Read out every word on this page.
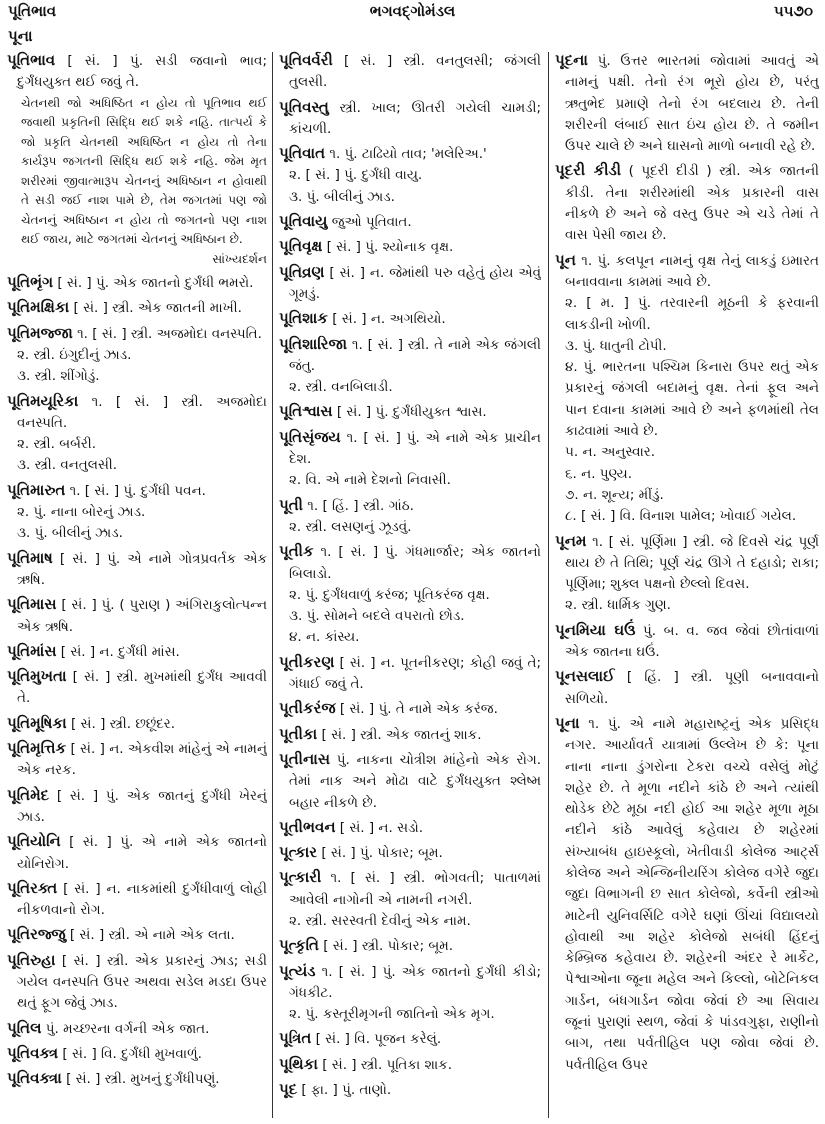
પૂતિભાવ
પૂના
ભગવદ્ગોમંડલ	૫૫૭૦
પૂતિભાવ [ સં. ] પું. સડી જવાનો ભાવ; દુર્ગંધયુક્ત થઈ જવું તે.
ચેતનથી જો અધિષ્ઠિત ન હોય તો પૂતિભાવ થઈ જવાથી પ્રકૃતિની સિદ્ધિ થઈ શકે નહિ. તાત્પર્ય કે જો પ્રકૃતિ ચેતનથી અધિષ્ઠિત ન હોય તો તેના કાર્યરૂપ જગતની સિદ્ધિ થઈ શકે નહિ. જેમ મૃત શરીરમાં જીવાત્મારૂપ ચેતનનું અધિષ્ઠાન ન હોવાથી તે સડી જઈ નાશ પામે છે, તેમ જગતમાં પણ જો ચેતનનું અધિષ્ઠાન ન હોય તો જગતનો પણ નાશ થઈ જાય, માટે જગતમાં ચેતનનું અધિષ્ઠાન છે.
સાંખ્યદર્શન
પૂતિભૃંગ [ સં. ] પું. એક જાતનો દુર્ગંધી ભમરો.
પૂતિમક્ષિકા [ સં. ] સ્ત્રી. એક જાતની માખી.
પૂતિમજ્જા ૧. [ સં. ] સ્ત્રી. અજમોદા વનસ્પતિ.
૨. સ્ત્રી. ઇંગુદીનું ઝાડ.
૩. સ્ત્રી. શીંગોડું.
પૂતિમયૂરિકા ૧. [ સં. ] સ્ત્રી. અજમોદા વનસ્પતિ.
૨. સ્ત્રી. બર્બરી.
૩. સ્ત્રી. વનતુલસી.
પૂતિમારુત ૧. [ સં. ] પું. દુર્ગંધી પવન.
૨. પું. નાના બોરનું ઝાડ.
૩. પું. બીલીનું ઝાડ.
પૂતિમાષ [ સં. ] પું. એ નામે ગોત્રપ્રવર્તક એક ઋષિ.
પૂતિમાસ [ સં. ] પું. ( પુરાણ ) અંગિરાકુલોત્પન્ન એક ઋષિ.
પૂતિમાંસ [ સં. ] ન. દુર્ગંધી માંસ.
પૂતિમુખતા [ સં. ] સ્ત્રી. મુખમાંથી દુર્ગંધ આવવી તે.
પૂતિમૂષિકા [ સં. ] સ્ત્રી. છછૂંદર.
પૂતિમૃત્તિક [ સં. ] ન. એકવીશ માંહેનું એ નામનું એક નરક.
પૂતિમેદ [ સં. ] પું. એક જાતનું દુર્ગંધી ખેરનું ઝાડ.
પૂતિયોનિ [ સં. ] પું. એ નામે એક જાતનો યોનિરોગ.
પૂતિરક્ત [ સં. ] ન. નાકમાંથી દુર્ગંધીવાળું લોહી નીકળવાનો રોગ.
પૂતિરજ્જુ [ સં. ] સ્ત્રી. એ નામે એક લતા.
પૂતિરુહા [ સં. ] સ્ત્રી. એક પ્રકારનું ઝાડ; સડી ગયેલ વનસ્પતિ ઉપર અથવા સડેલ મડદા ઉપર થતું ફૂગ જેવું ઝાડ.
પૂતિલ પું. મચ્છરના વર્ગની એક જાત.
પૂતિવક્ત્ર [ સં. ] વિ. દુર્ગંધી મુખવાળું.
પૂતિવક્ત્રા [ સં. ] સ્ત્રી. મુખનું દુર્ગંધીપણું.
પૂતિવર્વરી [ સં. ] સ્ત્રી. વનતુલસી; જંગલી તુલસી.
પૂતિવસ્તુ સ્ત્રી. ખાલ; ઊતરી ગયેલી ચામડી; કાંચળી.
પૂતિવાત ૧. પું. ટાઢિયો તાવ; 'મલેરિઅ.'
૨. [ સં. ] પું. દુર્ગંધી વાયુ.
૩. પું. બીલીનું ઝાડ.
પૂતિવાયુ જુઓ પૂતિવાત.
પૂતિવૃક્ષ [ સં. ] પું. શ્યોનાક વૃક્ષ.
પૂતિવ્રણ [ સં. ] ન. જેમાંથી પરુ વહેતું હોય એવું ગૂમડું.
પૂતિશાક [ સં. ] ન. અગથિયો.
પૂતિશારિજા ૧. [ સં. ] સ્ત્રી. તે નામે એક જંગલી જંતુ.
૨. સ્ત્રી. વનબિલાડી.
પૂતિશ્વાસ [ સં. ] પું. દુર્ગંધીયુક્ત શ્વાસ.
પૂતિસૃંજય ૧. [ સં. ] પું. એ નામે એક પ્રાચીન દેશ.
૨. વિ. એ નામે દેશનો નિવાસી.
પૂતી ૧. [ હિં. ] સ્ત્રી. ગાંઠ.
૨. સ્ત્રી. લસણનું ઝૂડવું.
પૂતીક ૧. [ સં. ] પું. ગંધમાર્જાર; એક જાતનો બિલાડો.
૨. પું. દુર્ગંધવાળું કરંજ; પૂતિકરંજ વૃક્ષ.
૩. પું. સોમને બદલે વપરાતો છોડ.
૪. ન. કાંસ્ય.
પૂતીકરણ [ સં. ] ન. પૂતનીકરણ; કોહી જવું તે; ગંધાઈ જવું તે.
પૂતીકરંજ [ સં. ] પું. તે નામે એક કરંજ.
પૂતીકા [ સં. ] સ્ત્રી. એક જાતનું શાક.
પૂતીનાસ પું. નાકના ચોત્રીશ માંહેનો એક રોગ. તેમાં નાક અને મોઢા વાટે દુર્ગંધયુક્ત શ્લેષ્મ બહાર નીકળે છે.
પૂતીભવન [ સં. ] ન. સડો.
પૂત્કાર [ સં. ] પું. પોકાર; બૂમ.
પૂત્કારી ૧. [ સં. ] સ્ત્રી. ભોગવતી; પાતાળમાં આવેલી નાગોની એ નામની નગરી.
૨. સ્ત્રી. સરસ્વતી દેવીનું એક નામ.
પૂત્કૃતિ [ સં. ] સ્ત્રી. પોકાર; બૂમ.
પૂત્યંડ ૧. [ સં. ] પું. એક જાતનો દુર્ગંધી કીડો; ગંધકીટ.
૨. પું. કસ્તૂરીમૃગની જાતિનો એક મૃગ.
પૂત્રિત [ સં. ] વિ. પૂજન કરેલું.
પૂથિકા [ સં. ] સ્ત્રી. પૂતિકા શાક.
પૂદ [ ફા. ] પું. તાણો.
પૂદના પું. ઉત્તર ભારતમાં જોવામાં આવતું એ નામનું પક્ષી. તેનો રંગ ભૂરો હોય છે, પરંતુ ઋતુભેદ પ્રમાણે તેનો રંગ બદલાય છે. તેની શરીરની લંબાઈ સાત ઇંચ હોય છે. તે જમીન ઉપર ચાલે છે અને ઘાસનો માળો બનાવી રહે છે.
પૂદરી કીડી ( પૂદરી દીડી ) સ્ત્રી. એક જાતની કીડી. તેના શરીરમાંથી એક પ્રકારની વાસ નીકળે છે અને જે વસ્તુ ઉપર એ ચડે તેમાં તે વાસ પેસી જાય છે.
પૂન ૧. પું. કલપૂન નામનું વૃક્ષ તેનું લાકડું ઇમારત બનાવવાના કામમાં આવે છે.
૨. [ મ. ] પું. તરવારની મૂઠની કે ફરવાની લાકડીની ખોળી.
૩. પું. ધાતુની ટોપી.
૪. પું. ભારતના પશ્ચિમ કિનારા ઉપર થતું એક પ્રકારનું જંગલી બદામનું વૃક્ષ. તેનાં ફૂલ અને પાન દવાના કામમાં આવે છે અને ફળમાંથી તેલ કાઢવામાં આવે છે.
૫. ન. અનુસ્વાર.
૬. ન. પુણ્ય.
૭. ન. શૂન્ય; મીંડું.
૮. [ સં. ] વિ. વિનાશ પામેલ; ખોવાઈ ગયેલ.
પૂનમ ૧. [ સં. પૂર્ણિમા ] સ્ત્રી. જે દિવસે ચંદ્ર પૂર્ણ થાય છે તે તિથિ; પૂર્ણ ચંદ્ર ઊગે તે દહાડો; રાકા; પૂર્ણિમા; શુક્લ પક્ષનો છેલ્લો દિવસ.
૨. સ્ત્રી. ધાર્મિક ગુણ.
પૂનમિયા ઘઉં પું. બ. વ. જવ જેવાં છોતાંવાળાં એક જાતના ઘઉં.
પૂનસલાઈ [ હિં. ] સ્ત્રી. પૂણી બનાવવાનો સળિયો.
પૂના ૧. પું. એ નામે મહારાષ્ટ્રનું એક પ્રસિદ્ધ નગર. આર્યાવર્ત યાત્રામાં ઉલ્લેખ છે કે: પૂના નાના નાના ડુંગરોના ટેકરા વચ્ચે વસેલું મોટું શહેર છે. તે મૂળા નદીને કાંઠે છે અને ત્યાંથી થોડેક છેટે મૂઠા નદી હોઈ આ શહેર મૂળા મૂઠા નદીને કાંઠે આવેલું કહેવાય છે શહેરમાં સંખ્યાબંધ હાઇસ્કૂલો, ખેતીવાડી કોલેજ આર્ટ્સ કોલેજ અને એન્જિનીયરિંગ કોલેજ વગેરે જુદા જુદા વિભાગની છ સાત કોલેજો, કર્વેની સ્ત્રીઓ માટેની યુનિવર્સિટિ વગેરે ઘણાં ઊંચાં વિદ્યાલયો હોવાથી આ શહેર કોલેજો સબંધી હિંદનું કેમ્બ્રિજ કહેવાય છે. શહેરની અંદર રે માર્કેટ, પેશ્વાઓના જૂના મહેલ અને કિલ્લો, બોટેનિકલ ગાર્ડન, બંધગાર્ડન જોવા જેવાં છે આ સિવાય જૂનાં પુરાણાં સ્થળ, જેવાં કે પાંડવગુફા, રાણીનો બાગ, તથા પર્વતીહિલ પણ જોવા જેવાં છે. પર્વતીહિલ ઉપર
